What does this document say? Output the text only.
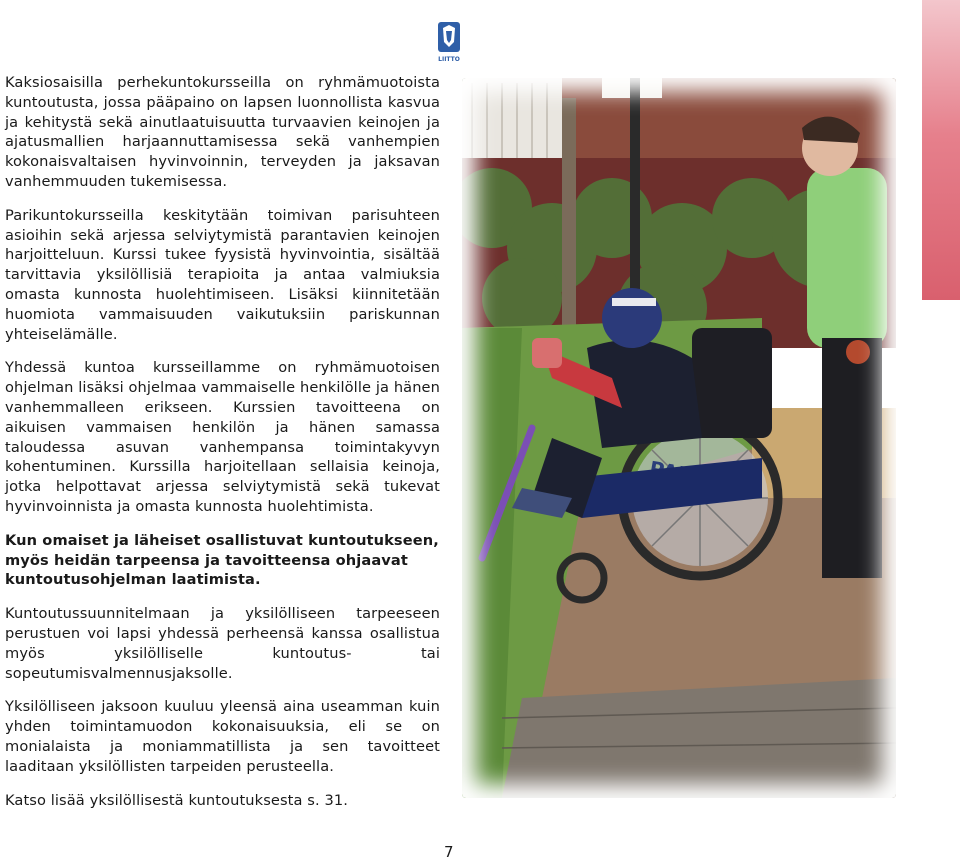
LIITTO

Kaksiosaisilla perhekuntokursseilla on ryhmämuotoista kuntoutusta, jossa pääpaino on lapsen luonnollista kasvua ja kehitystä sekä ainutlaatuisuutta turvaavien keinojen ja ajatusmallien harjaannuttamisessa sekä vanhempien kokonaisvaltaisen hyvinvoinnin, terveyden ja jaksavan vanhemmuuden tukemisessa.

Parikuntokursseilla keskitytään toimivan parisuhteen asioihin sekä arjessa selviytymistä parantavien keinojen harjoitteluun. Kurssi tukee fyysistä hyvinvointia, sisältää tarvittavia yksilöllisiä terapioita ja antaa valmiuksia omasta kunnosta huolehtimiseen. Lisäksi kiinnitetään huomiota vammaisuuden vaikutuksiin pariskunnan yhteiselämälle.

Yhdessä kuntoa kursseillamme on ryhmämuotoisen ohjelman lisäksi ohjelmaa vammaiselle henkilölle ja hänen vanhemmalleen erikseen. Kurssien tavoitteena on aikuisen vammaisen henkilön ja hänen samassa taloudessa asuvan vanhempansa toimintakyvyn kohentuminen. Kurssilla harjoitellaan sellaisia keinoja, jotka helpottavat arjessa selviytymistä sekä tukevat hyvinvoinnista ja omasta kunnosta huolehtimista.

Kun omaiset ja läheiset osallistuvat kuntoutukseen, myös heidän tarpeensa ja tavoitteensa ohjaavat kuntoutusohjelman laatimista.

Kuntoutussuunnitelmaan ja yksilölliseen tarpeeseen perustuen voi lapsi yhdessä perheensä kanssa osallistua myös yksilölliselle kuntoutus- tai sopeutumisvalmennusjaksolle.

Yksilölliseen jaksoon kuuluu yleensä aina useamman kuin yhden toimintamuodon kokonaisuuksia, eli se on monialaista ja moniammatillista ja sen tavoitteet laaditaan yksilöllisten tarpeiden perusteella.

Katso lisää yksilöllisestä kuntoutuksesta s. 31.

7
